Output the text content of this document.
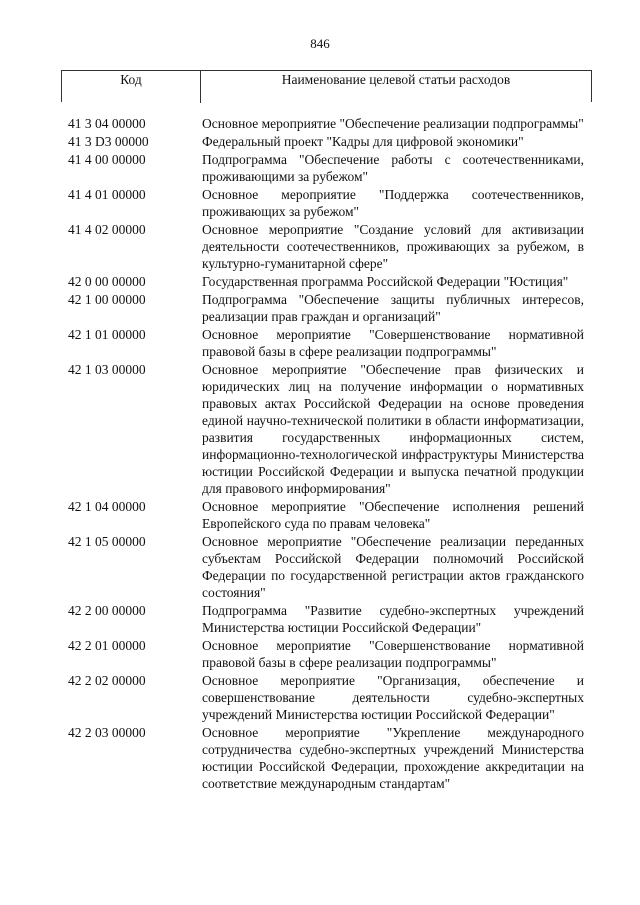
846
Код	Наименование целевой статьи расходов
41 3 04 00000	Основное мероприятие "Обеспечение реализации подпрограммы"
41 3 D3 00000	Федеральный проект "Кадры для цифровой экономики"
41 4 00 00000	Подпрограмма "Обеспечение работы с соотечественниками, проживающими за рубежом"
41 4 01 00000	Основное мероприятие "Поддержка соотечественников, проживающих за рубежом"
41 4 02 00000	Основное мероприятие "Создание условий для активизации деятельности соотечественников, проживающих за рубежом, в культурно-гуманитарной сфере"
42 0 00 00000	Государственная программа Российской Федерации "Юстиция"
42 1 00 00000	Подпрограмма "Обеспечение защиты публичных интересов, реализации прав граждан и организаций"
42 1 01 00000	Основное мероприятие "Совершенствование нормативной правовой базы в сфере реализации подпрограммы"
42 1 03 00000	Основное мероприятие "Обеспечение прав физических и юридических лиц на получение информации о нормативных правовых актах Российской Федерации на основе проведения единой научно-технической политики в области информатизации, развития государственных информационных систем, информационно-технологической инфраструктуры Министерства юстиции Российской Федерации и выпуска печатной продукции для правового информирования"
42 1 04 00000	Основное мероприятие "Обеспечение исполнения решений Европейского суда по правам человека"
42 1 05 00000	Основное мероприятие "Обеспечение реализации переданных субъектам Российской Федерации полномочий Российской Федерации по государственной регистрации актов гражданского состояния"
42 2 00 00000	Подпрограмма "Развитие судебно-экспертных учреждений Министерства юстиции Российской Федерации"
42 2 01 00000	Основное мероприятие "Совершенствование нормативной правовой базы в сфере реализации подпрограммы"
42 2 02 00000	Основное мероприятие "Организация, обеспечение и совершенствование деятельности судебно-экспертных учреждений Министерства юстиции Российской Федерации"
42 2 03 00000	Основное мероприятие "Укрепление международного сотрудничества судебно-экспертных учреждений Министерства юстиции Российской Федерации, прохождение аккредитации на соответствие международным стандартам"
